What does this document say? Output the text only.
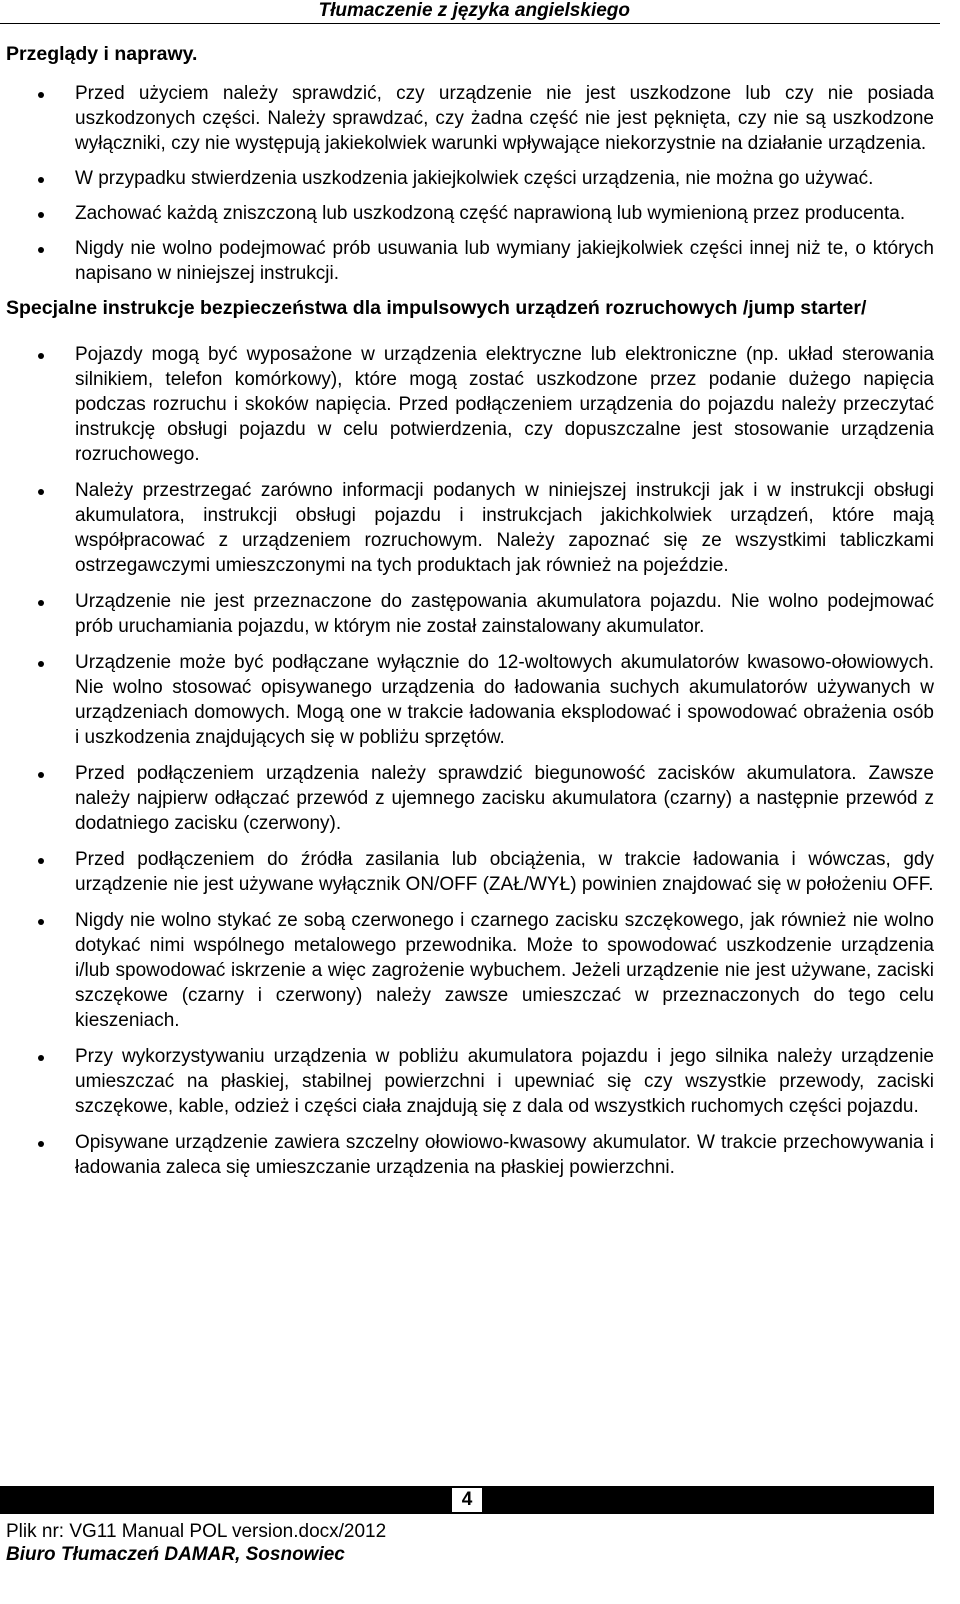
Tłumaczenie z języka angielskiego
Przeglądy i naprawy.
Przed użyciem należy sprawdzić, czy urządzenie nie jest uszkodzone lub czy nie posiada uszkodzonych części. Należy sprawdzać, czy żadna część nie jest pęknięta, czy nie są uszkodzone wyłączniki, czy nie występują jakiekolwiek warunki wpływające niekorzystnie na działanie urządzenia.
W przypadku stwierdzenia uszkodzenia jakiejkolwiek części urządzenia, nie można go używać.
Zachować każdą zniszczoną lub uszkodzoną część naprawioną lub wymienioną przez producenta.
Nigdy nie wolno podejmować prób usuwania lub wymiany jakiejkolwiek części innej niż te, o których napisano w niniejszej instrukcji.
Specjalne instrukcje bezpieczeństwa dla impulsowych urządzeń rozruchowych /jump starter/
Pojazdy mogą być wyposażone w urządzenia elektryczne lub elektroniczne (np. układ sterowania silnikiem, telefon komórkowy), które mogą zostać uszkodzone przez podanie dużego napięcia podczas rozruchu i skoków napięcia. Przed podłączeniem urządzenia do pojazdu należy przeczytać instrukcję obsługi pojazdu w celu potwierdzenia, czy dopuszczalne jest stosowanie urządzenia rozruchowego.
Należy przestrzegać zarówno informacji podanych w niniejszej instrukcji jak i w instrukcji obsługi akumulatora, instrukcji obsługi pojazdu i instrukcjach jakichkolwiek urządzeń, które mają współpracować z urządzeniem rozruchowym. Należy zapoznać się ze wszystkimi tabliczkami ostrzegawczymi umieszczonymi na tych produktach jak również na pojeździe.
Urządzenie nie jest przeznaczone do zastępowania akumulatora pojazdu. Nie wolno podejmować prób uruchamiania pojazdu, w którym nie został zainstalowany akumulator.
Urządzenie może być podłączane wyłącznie do 12-woltowych akumulatorów kwasowo-ołowiowych. Nie wolno stosować opisywanego urządzenia do ładowania suchych akumulatorów używanych w urządzeniach domowych. Mogą one w trakcie ładowania eksplodować i spowodować obrażenia osób i uszkodzenia znajdujących się w pobliżu sprzętów.
Przed podłączeniem urządzenia należy sprawdzić biegunowość zacisków akumulatora. Zawsze należy najpierw odłączać przewód z ujemnego zacisku akumulatora (czarny) a następnie przewód z dodatniego zacisku (czerwony).
Przed podłączeniem do źródła zasilania lub obciążenia, w trakcie ładowania i wówczas, gdy urządzenie nie jest używane wyłącznik ON/OFF (ZAŁ/WYŁ) powinien znajdować się w położeniu OFF.
Nigdy nie wolno stykać ze sobą czerwonego i czarnego zacisku szczękowego, jak również nie wolno dotykać nimi wspólnego metalowego przewodnika. Może to spowodować uszkodzenie urządzenia i/lub spowodować iskrzenie a więc zagrożenie wybuchem. Jeżeli urządzenie nie jest używane, zaciski szczękowe (czarny i czerwony) należy zawsze umieszczać w przeznaczonych do tego celu kieszeniach.
Przy wykorzystywaniu urządzenia w pobliżu akumulatora pojazdu i jego silnika należy urządzenie umieszczać na płaskiej, stabilnej powierzchni i upewniać się czy wszystkie przewody, zaciski szczękowe, kable, odzież i części ciała znajdują się z dala od wszystkich ruchomych części pojazdu.
Opisywane urządzenie zawiera szczelny ołowiowo-kwasowy akumulator. W trakcie przechowywania i ładowania zaleca się umieszczanie urządzenia na płaskiej powierzchni.
4
Plik nr: VG11 Manual POL version.docx/2012
Biuro Tłumaczeń DAMAR, Sosnowiec
